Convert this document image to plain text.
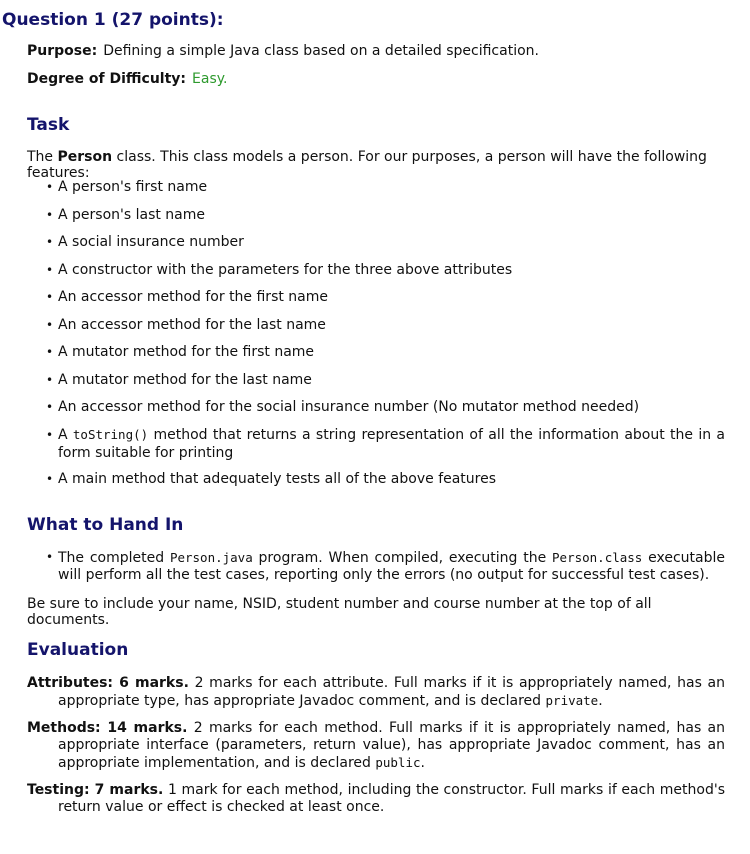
Question 1 (27 points):
Purpose: Defining a simple Java class based on a detailed specification.
Degree of Difficulty: Easy.
Task

The Person class. This class models a person. For our purposes, a person will have the following features:

• A person's first name
• A person's last name
• A social insurance number
• A constructor with the parameters for the three above attributes
• An accessor method for the first name
• An accessor method for the last name
• A mutator method for the first name
• A mutator method for the last name
• An accessor method for the social insurance number (No mutator method needed)
• A toString() method that returns a string representation of all the information about the in a form suitable for printing
• A main method that adequately tests all of the above features
What to Hand In
• The completed Person.java program. When compiled, executing the Person.class executable will perform all the test cases, reporting only the errors (no output for successful test cases).

Be sure to include your name, NSID, student number and course number at the top of all documents.

Evaluation

Attributes: 6 marks. 2 marks for each attribute. Full marks if it is appropriately named, has an appropriate type, has appropriate Javadoc comment, and is declared private.

Methods: 14 marks. 2 marks for each method. Full marks if it is appropriately named, has an appropriate interface (parameters, return value), has appropriate Javadoc comment, has an appropriate implementation, and is declared public.

Testing: 7 marks. 1 mark for each method, including the constructor. Full marks if each method's return value or effect is checked at least once.
